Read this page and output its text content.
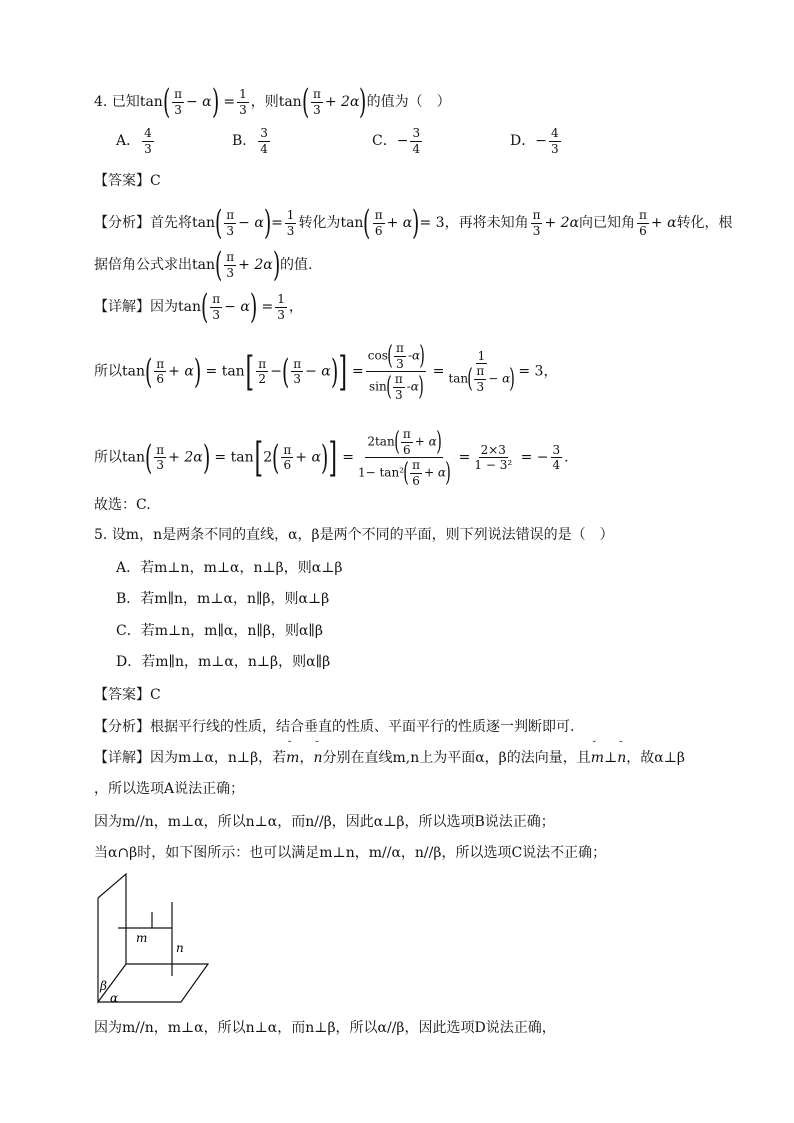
4. 已知$\tan( \frac{\pi}{3} - \alpha) = \frac{1}{3}$ ，则$\tan( \frac{\pi}{3} + 2\alpha)$的值为（　）
A． $\frac{4}{3}$	B． $\frac{3}{4}$	C．− $\frac{3}{4}$	D．− $\frac{4}{3}$
【答案】C
【分析】首先将$\tan( \frac{\pi}{3} - \alpha)= \frac{1}{3}$ 转化为$\tan( \frac{\pi}{6} + \alpha)= 3$，再将未知角 $\frac{\pi}{3} + 2\alpha$向已知角 $\frac{\pi}{6} + \alpha$转化，根
据倍角公式求出$\tan( \frac{\pi}{3} + 2\alpha)$的值.
【详解】因为$\tan( \frac{\pi}{3} - \alpha) = \frac{1}{3}$ ，
所以$\tan( \frac{\pi}{6} + \alpha) = \tan[ \frac{\pi}{2}$ −( $\frac{\pi}{3} - \alpha)] = \frac{\cos( \frac{\pi}{3} -\alpha)}{\sin( \frac{\pi}{3} -\alpha)} = \frac{1}{\tan( \frac{\pi}{3} - \alpha)} = 3$，
所以$\tan( \frac{\pi}{3} + 2\alpha) = \tan[2( \frac{\pi}{6} + \alpha)] = \frac{2\tan( \frac{\pi}{6} + \alpha)}{1- \tan^2( \frac{\pi}{6} + \alpha)} = \frac{2\times 3}{\text{1 − 3²}}$ = − $\frac{3}{4}$ .
故选：C.
5. 设m，n是两条不同的直线，α，β是两个不同的平面，则下列说法错误的是（　）
A．若m⊥n，m⊥α，n⊥β，则α⊥β
B．若m∥n，m⊥α，n∥β，则α⊥β
C．若m⊥n，m∥α，n∥β，则α∥β
D．若m∥n，m⊥α，n⊥β，则α∥β
【答案】C
【分析】根据平行线的性质，结合垂直的性质、平面平行的性质逐一判断即可.
【详解】因为m⊥α，n⊥β，若˘ m，˘ n分别在直线m,n上为平面α，β的法向量，且˘ m⊥˘ n，故α⊥β
，所以选项A说法正确；
因为m//n，m⊥α，所以n⊥α，而n//β，因此α⊥β，所以选项B说法正确；
当α∩β时，如下图所示：也可以满足m⊥n，m//α，n//β，所以选项C说法不正确；
m
n
β
α
因为m//n，m⊥α，所以n⊥α，而n⊥β，所以α//β，因此选项D说法正确，
